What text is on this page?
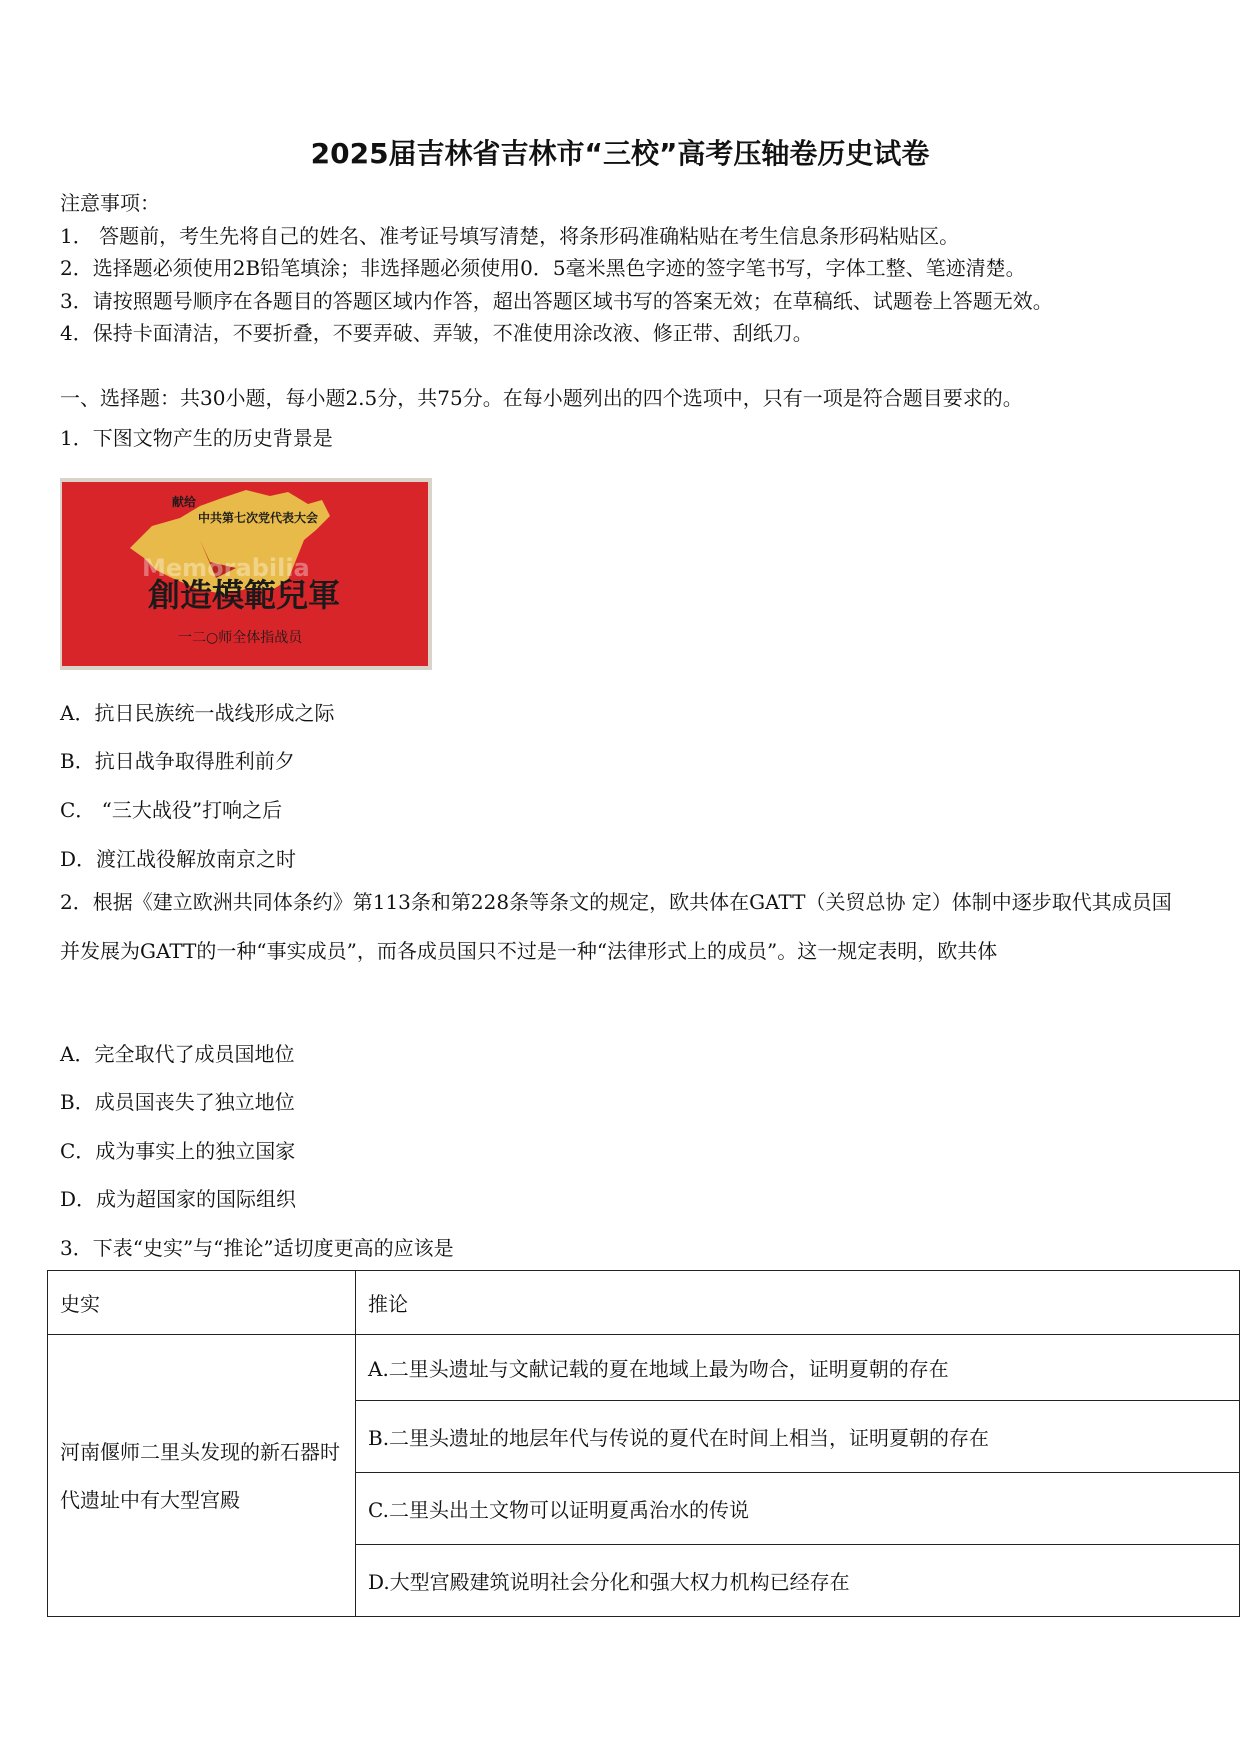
2025届吉林省吉林市“三校”高考压轴卷历史试卷
注意事项：
1． 答题前，考生先将自己的姓名、准考证号填写清楚，将条形码准确粘贴在考生信息条形码粘贴区。
2．选择题必须使用2B铅笔填涂；非选择题必须使用0．5毫米黑色字迹的签字笔书写，字体工整、笔迹清楚。
3．请按照题号顺序在各题目的答题区域内作答，超出答题区域书写的答案无效；在草稿纸、试题卷上答题无效。
4．保持卡面清洁，不要折叠，不要弄破、弄皱，不准使用涂改液、修正带、刮纸刀。
一、选择题：共30小题，每小题2.5分，共75分。在每小题列出的四个选项中，只有一项是符合题目要求的。
1．下图文物产生的历史背景是
献给
中共第七次党代表大会
Memorabilia
創造模範兒軍
一二○师全体指战员
A．抗日民族统一战线形成之际
B．抗日战争取得胜利前夕
C． “三大战役”打响之后
D．渡江战役解放南京之时
2．根据《建立欧洲共同体条约》第113条和第228条等条文的规定，欧共体在GATT（关贸总协 定）体制中逐步取代其成员国并发展为GATT的一种“事实成员”，而各成员国只不过是一种“法律形式上的成员”。这一规定表明，欧共体
A．完全取代了成员国地位
B．成员国丧失了独立地位
C．成为事实上的独立国家
D．成为超国家的国际组织
3．下表“史实”与“推论”适切度更高的应该是
史实	推论
河南偃师二里头发现的新石器时代遗址中有大型宫殿	A.二里头遗址与文献记载的夏在地域上最为吻合，证明夏朝的存在
	B.二里头遗址的地层年代与传说的夏代在时间上相当，证明夏朝的存在
	C.二里头出土文物可以证明夏禹治水的传说
	D.大型宫殿建筑说明社会分化和强大权力机构已经存在
